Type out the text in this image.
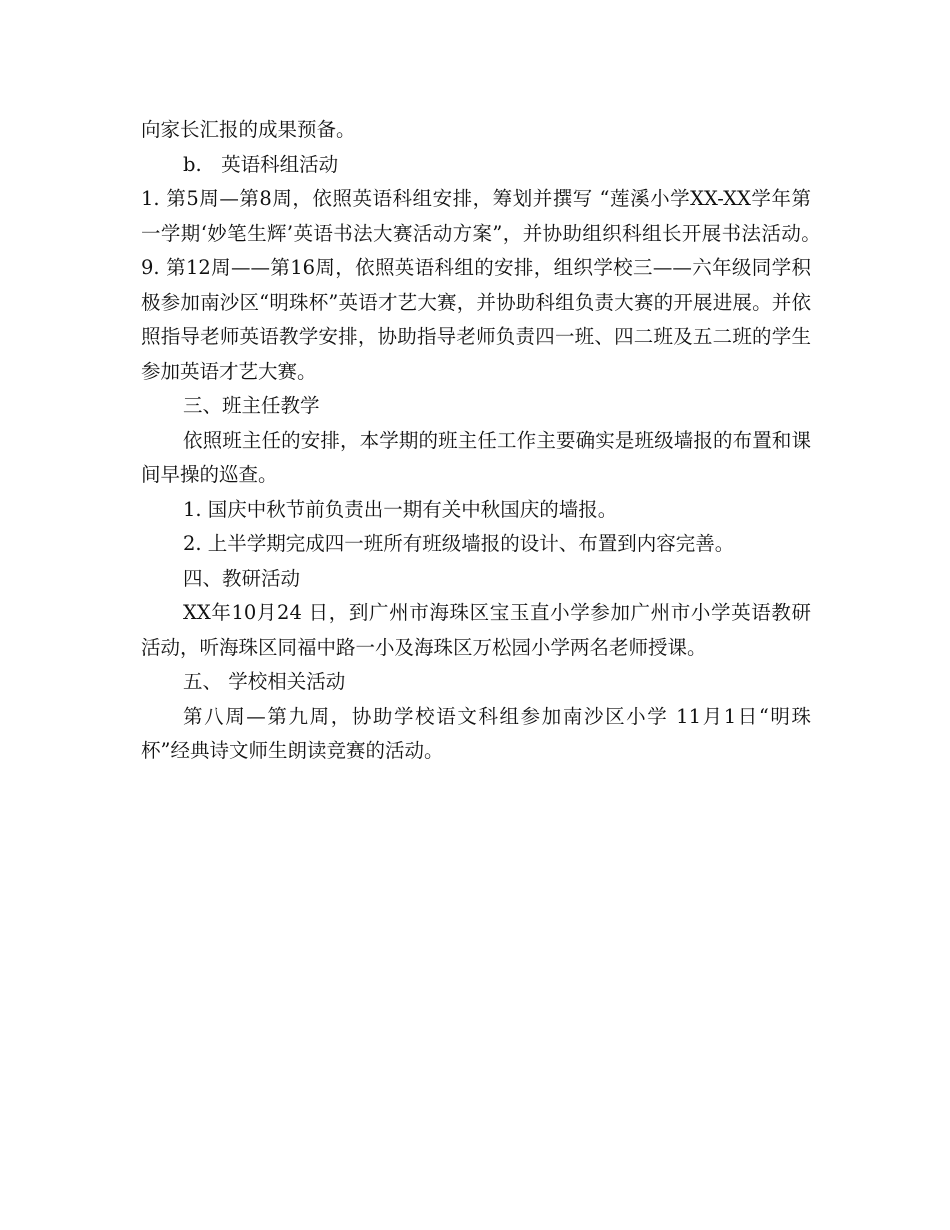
向家长汇报的成果预备。

b.　英语科组活动

1. 第5周—第8周，依照英语科组安排，筹划并撰写 “莲溪小学XX-XX学年第一学期‘妙笔生辉’英语书法大赛活动方案”，并协助组织科组长开展书法活动。　　　9. 第12周——第16周，依照英语科组的安排，组织学校三——六年级同学积极参加南沙区“明珠杯”英语才艺大赛，并协助科组负责大赛的开展进展。并依照指导老师英语教学安排，协助指导老师负责四一班、四二班及五二班的学生参加英语才艺大赛。

三、班主任教学

依照班主任的安排，本学期的班主任工作主要确实是班级墙报的布置和课间早操的巡查。

1. 国庆中秋节前负责出一期有关中秋国庆的墙报。

2. 上半学期完成四一班所有班级墙报的设计、布置到内容完善。

四、教研活动

XX年10月24 日，到广州市海珠区宝玉直小学参加广州市小学英语教研活动，听海珠区同福中路一小及海珠区万松园小学两名老师授课。

五、 学校相关活动

第八周—第九周，协助学校语文科组参加南沙区小学 11月1日“明珠杯”经典诗文师生朗读竞赛的活动。
